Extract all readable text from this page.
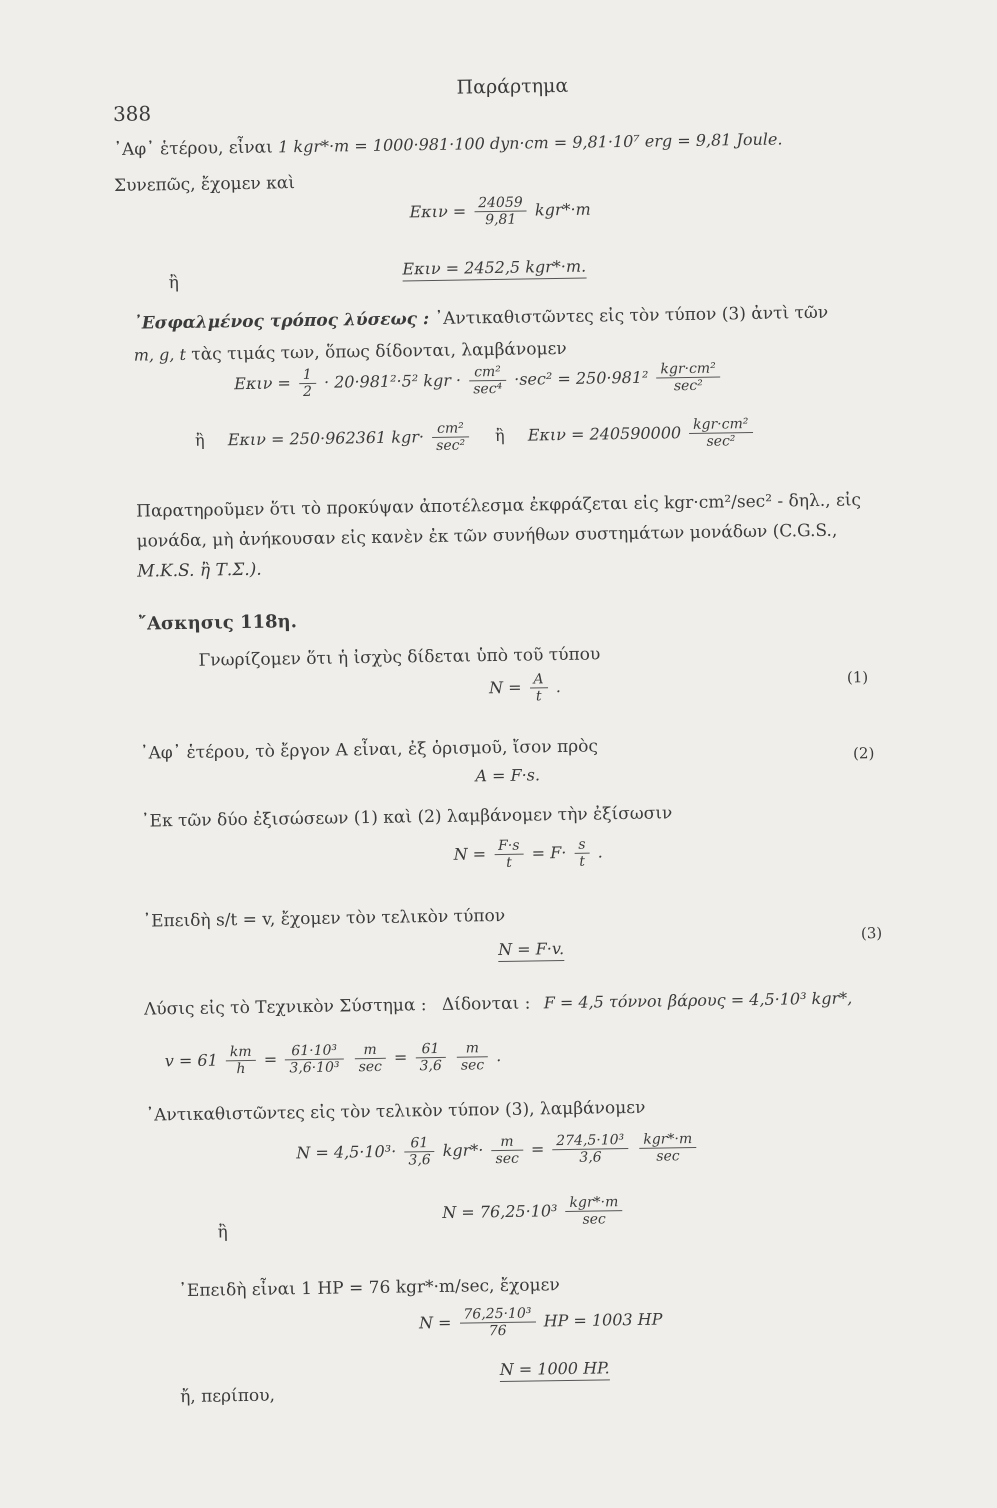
388
Παράρτημα
᾽Αφ᾽ ἑτέρου, εἶναι 1 kgr*·m = 1000·981·100 dyn·cm = 9,81·10⁷ erg = 9,81 Joule.
Συνεπῶς, ἔχομεν καὶ
$E\kappa\iota\nu = \frac{24059}{9,81} kgr*\cdot m$
ἢ
Eκιν = 2452,5 kgr*·m.
᾽Εσφαλμένος τρόπος λύσεως : ᾽Αντικαθιστῶντες εἰς τὸν τύπον (3) ἀντὶ τῶν
m, g, t τὰς τιμάς των, ὅπως δίδονται, λαμβάνομεν
$E\kappa\iota\nu = \frac{1}{2} \cdot 20\cdot 981^2\cdot 5^2$ kgr · $\frac{\text{cm²}}{\text{sec⁴}} \cdot\sec^2 = 250\cdot 981^2 \frac{\text{kgr·cm²}}{\text{sec²}}$
ἢ Eκιν = 250·962361 $kgr\cdot \frac{\text{cm²}}{\text{sec²}}$ ἢ $E\kappa\iota\nu = 240590000 \frac{\text{kgr·cm²}}{\text{sec²}}$
Παρατηροῦμεν ὅτι τὸ προκύψαν ἀποτέλεσμα ἐκφράζεται εἰς kgr·cm²/sec² - δηλ., εἰς
μονάδα, μὴ ἀνήκουσαν εἰς κανὲν ἐκ τῶν συνήθων συστημάτων μονάδων (C.G.S.,
M.K.S. ἢ Τ.Σ.).
῎Ασκησις 118η.
Γνωρίζομεν ὅτι ἡ ἰσχὺς δίδεται ὑπὸ τοῦ τύπου
$N = \frac{A}{t}$ .	(1)
᾽Αφ᾽ ἑτέρου, τὸ ἔργον A εἶναι, ἐξ ὁρισμοῦ, ἴσον πρὸς
A = F·s.
(2)
᾽Εκ τῶν δύο ἐξισώσεων (1) καὶ (2) λαμβάνομεν τὴν ἐξίσωσιν
$N = \frac{F\cdot s}{t} = F\cdot \frac{s}{t}$ .
᾽Επειδὴ s/t = v, ἔχομεν τὸν τελικὸν τύπον
N = F·v.
(3)
Λύσις εἰς τὸ Τεχνικὸν Σύστημα : Δίδονται : F = 4,5 τόννοι βάρους = 4,5·10³ kgr*,
$v = 61 \frac{km}{h} = \frac{\text{61·10³}}{\text{3,6·10³}}$
$\frac{m}{\sec} = \frac{61}{3,6}$
$\frac{m}{\sec}$ .
᾽Αντικαθιστῶντες εἰς τὸν τελικὸν τύπον (3), λαμβάνομεν
$N = 4,5\cdot 10^3\cdot \frac{61}{3,6} kgr*\cdot \frac{m}{\sec} = \frac{\text{274,5·10³}}{3,6}$
$\frac{\text{kgr*·m}}{\sec}$
ἢ
$N = 76,25\cdot 10^3 \frac{\text{kgr*·m}}{\sec}$
᾽Επειδὴ εἶναι 1 HP = 76 kgr*·m/sec, ἔχομεν
$N = \frac{\text{76,25·10³}}{76}$ HP = 1003 HP
ἤ, περίπου,
N = 1000 HP.
